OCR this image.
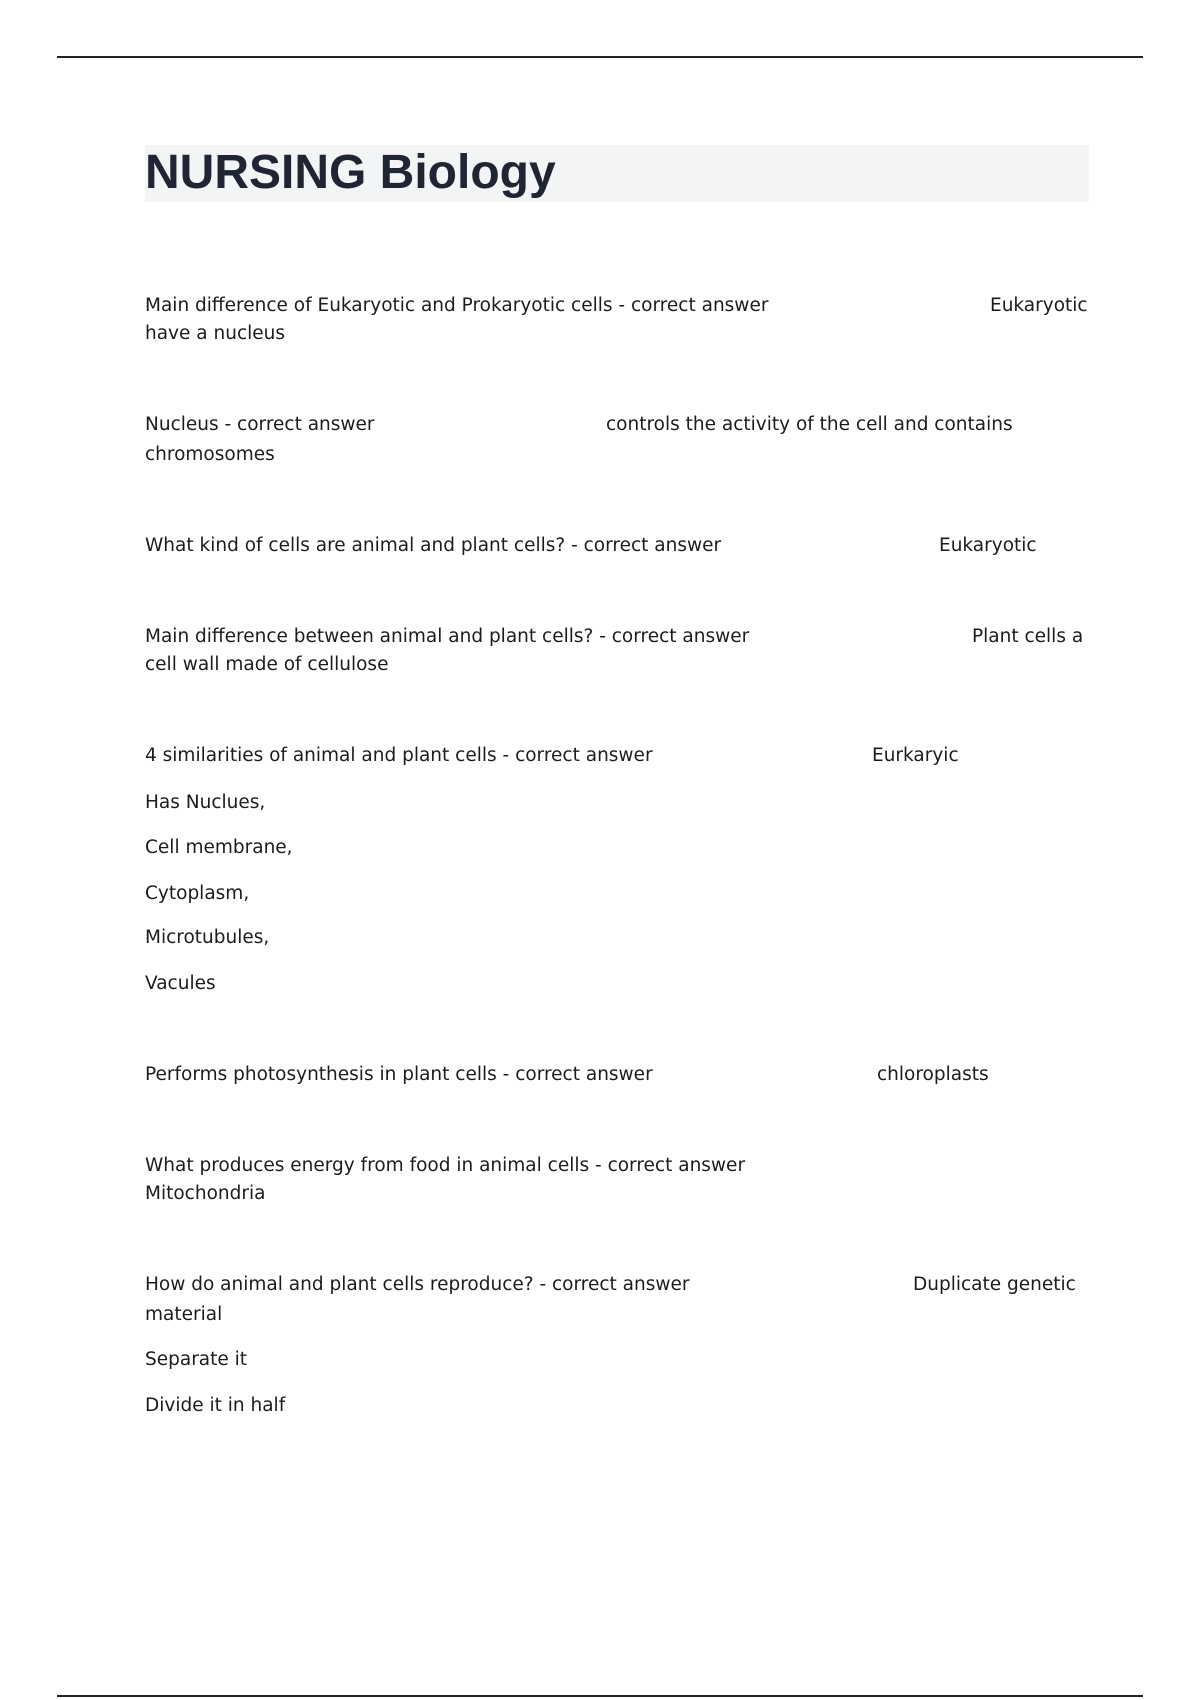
NURSING Biology
Main difference of Eukaryotic and Prokaryotic cells - correct answer	Eukaryotic
have a nucleus
Nucleus - correct answer	controls the activity of the cell and contains
chromosomes
What kind of cells are animal and plant cells? - correct answer	Eukaryotic
Main difference between animal and plant cells? - correct answer	Plant cells a
cell wall made of cellulose
4 similarities of animal and plant cells - correct answer	Eurkaryic
Has Nuclues,
Cell membrane,
Cytoplasm,
Microtubules,
Vacules
Performs photosynthesis in plant cells - correct answer	chloroplasts
What produces energy from food in animal cells - correct answer
Mitochondria
How do animal and plant cells reproduce? - correct answer	Duplicate genetic
material
Separate it
Divide it in half
